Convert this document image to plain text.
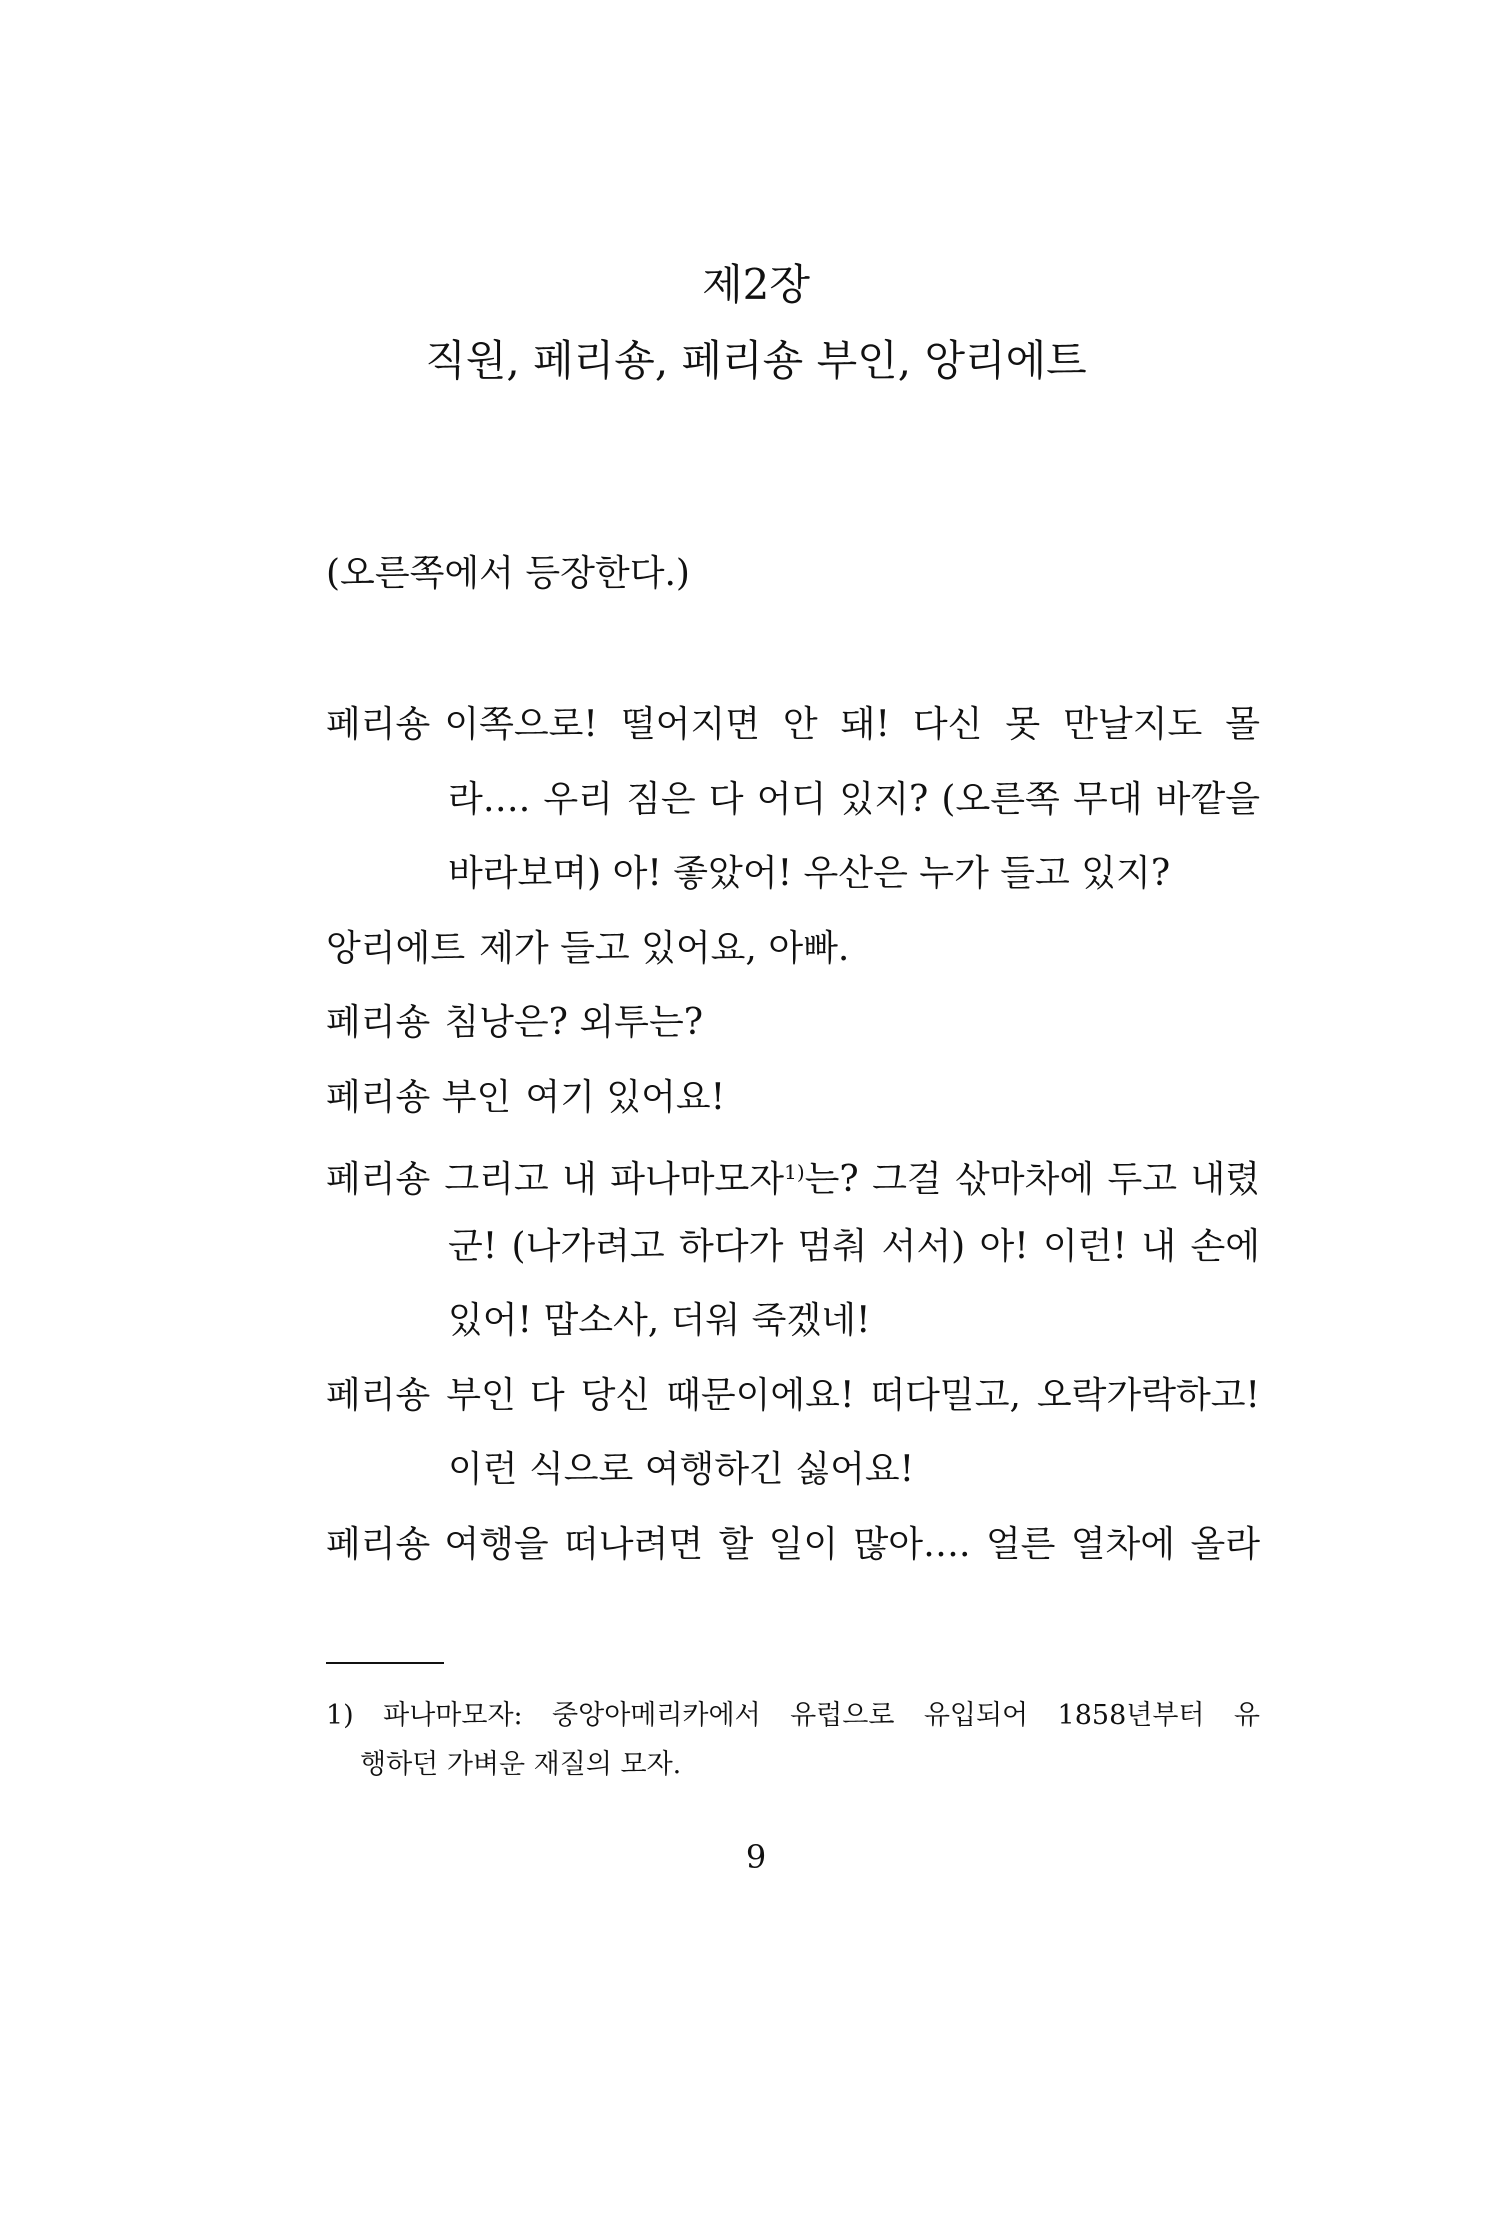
제2장
직원, 페리숑, 페리숑 부인, 앙리에트
(오른쪽에서 등장한다.)
페리숑 이쪽으로! 떨어지면 안 돼! 다신 못 만날지도 몰
라…. 우리 짐은 다 어디 있지? (오른쪽 무대 바깥을
바라보며) 아! 좋았어! 우산은 누가 들고 있지?
앙리에트 제가 들고 있어요, 아빠.
페리숑 침낭은? 외투는?
페리숑 부인 여기 있어요!
페리숑 그리고 내 파나마모자$^{1)}$는? 그걸 삯마차에 두고 내렸
군! (나가려고 하다가 멈춰 서서) 아! 이런! 내 손에
있어! 맙소사, 더워 죽겠네!
페리숑 부인 다 당신 때문이에요! 떠다밀고, 오락가락하고!
이런 식으로 여행하긴 싫어요!
페리숑 여행을 떠나려면 할 일이 많아…. 얼른 열차에 올라
1) 파나마모자: 중앙아메리카에서 유럽으로 유입되어 1858년부터 유
행하던 가벼운 재질의 모자.
9
